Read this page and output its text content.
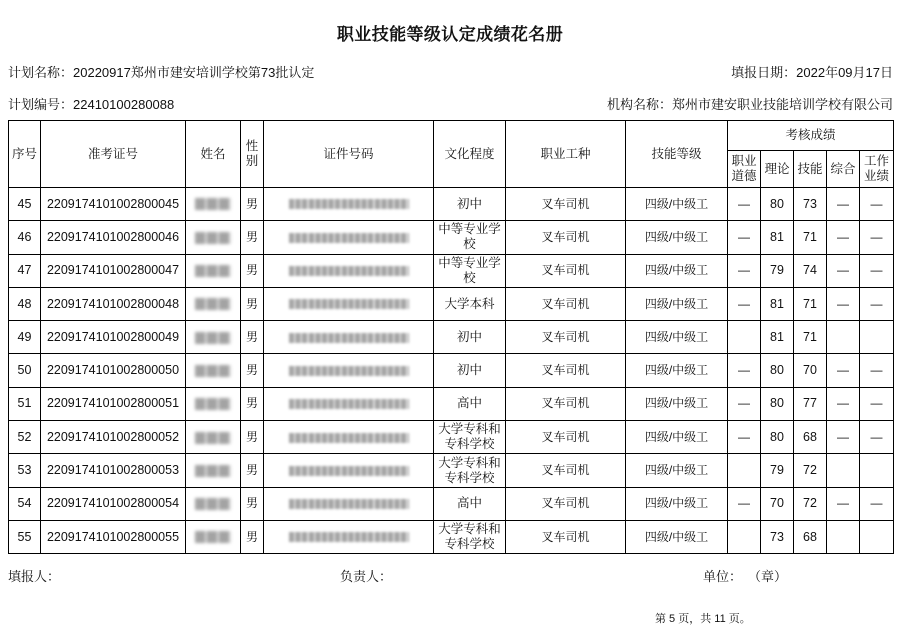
职业技能等级认定成绩花名册
计划名称：20220917郑州市建安培训学校第73批认定	填报日期：2022年09月17日
计划编号：22410100280088	机构名称：郑州市建安职业技能培训学校有限公司
序号	准考证号	姓名	性别	证件号码	文化程度	职业工种	技能等级	考核成绩				
								职业道德	理论	技能	综合	工作业绩
45	2209174101002800045		男		初中	叉车司机	四级/中级工	—	80	73	—	—
46	2209174101002800046		男		中等专业学校	叉车司机	四级/中级工	—	81	71	—	—
47	2209174101002800047		男		中等专业学校	叉车司机	四级/中级工	—	79	74	—	—
48	2209174101002800048		男		大学本科	叉车司机	四级/中级工	—	81	71	—	—
49	2209174101002800049		男		初中	叉车司机	四级/中级工		81	71		
50	2209174101002800050		男		初中	叉车司机	四级/中级工	—	80	70	—	—
51	2209174101002800051		男		高中	叉车司机	四级/中级工	—	80	77	—	—
52	2209174101002800052		男		大学专科和专科学校	叉车司机	四级/中级工	—	80	68	—	—
53	2209174101002800053		男		大学专科和专科学校	叉车司机	四级/中级工		79	72		
54	2209174101002800054		男		高中	叉车司机	四级/中级工	—	70	72	—	—
55	2209174101002800055		男		大学专科和专科学校	叉车司机	四级/中级工		73	68		
填报人：	负责人：	单位： （章）
第 5 页，共 11 页。
